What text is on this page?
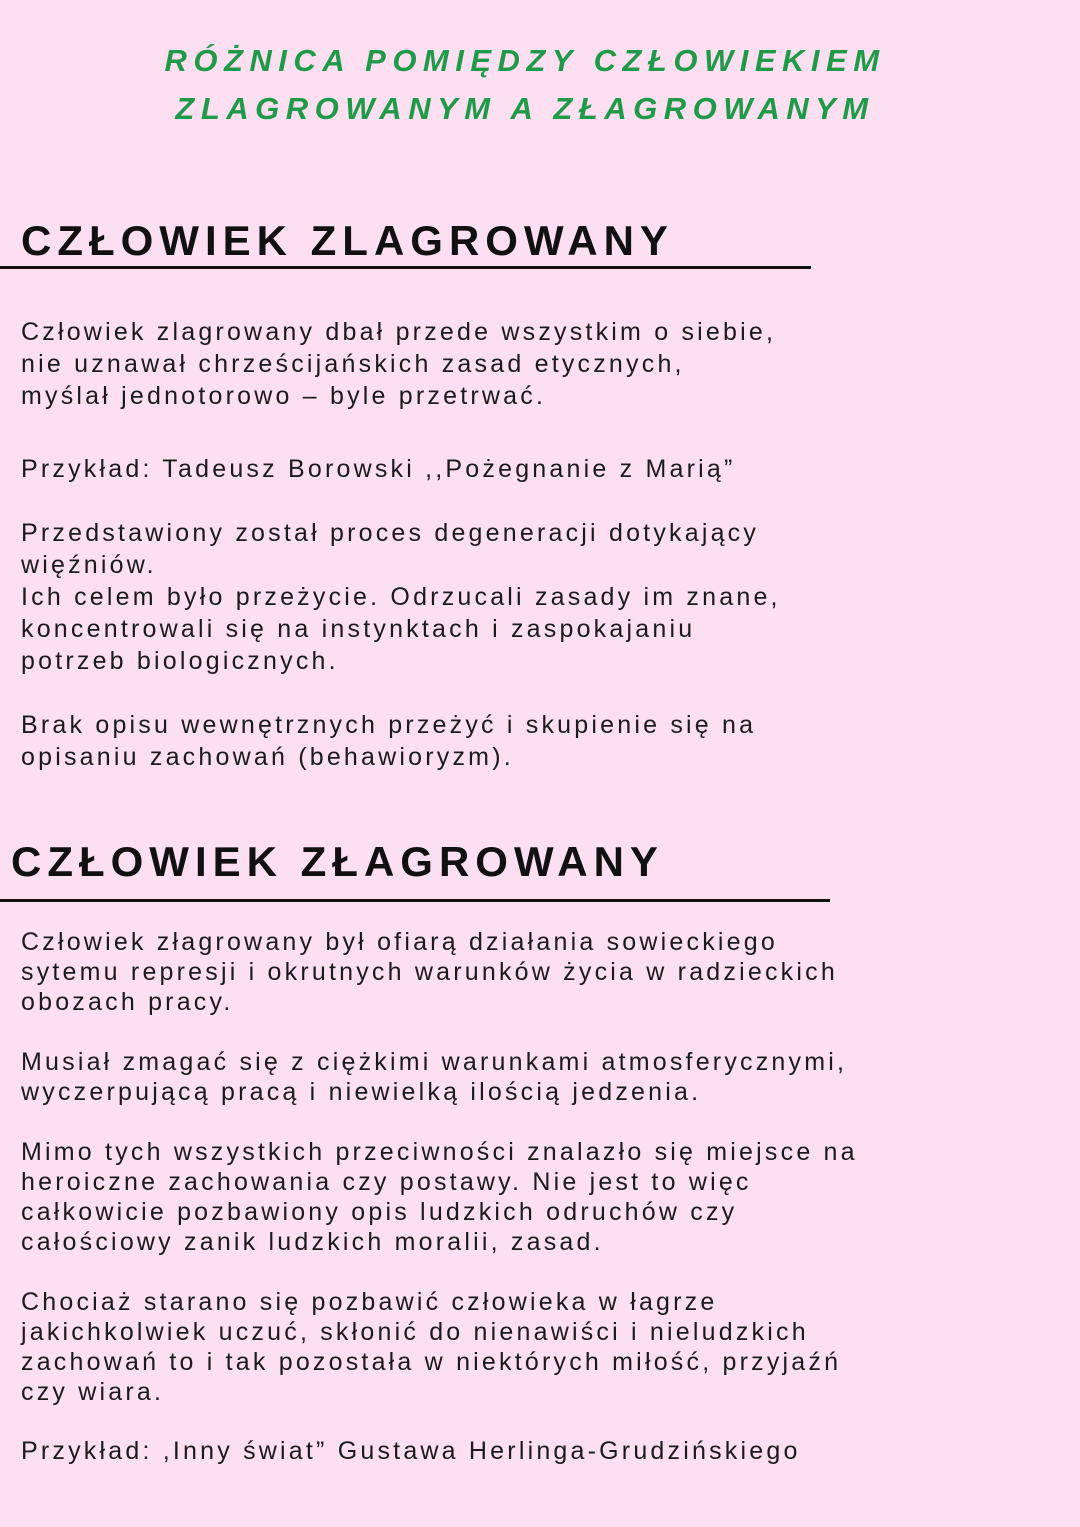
RÓŻNICA POMIĘDZY CZŁOWIEKIEM
ZLAGROWANYM A ZŁAGROWANYM
CZŁOWIEK ZLAGROWANY
Człowiek zlagrowany dbał przede wszystkim o siebie,
nie uznawał chrześcijańskich zasad etycznych,
myślał jednotorowo – byle przetrwać.
Przykład: Tadeusz Borowski ,,Pożegnanie z Marią”
Przedstawiony został proces degeneracji dotykający
więźniów.
Ich celem było przeżycie. Odrzucali zasady im znane,
koncentrowali się na instynktach i zaspokajaniu
potrzeb biologicznych.
Brak opisu wewnętrznych przeżyć i skupienie się na
opisaniu zachowań (behawioryzm).
CZŁOWIEK ZŁAGROWANY
Człowiek złagrowany był ofiarą działania sowieckiego
sytemu represji i okrutnych warunków życia w radzieckich
obozach pracy.
Musiał zmagać się z ciężkimi warunkami atmosferycznymi,
wyczerpującą pracą i niewielką ilością jedzenia.
Mimo tych wszystkich przeciwności znalazło się miejsce na
heroiczne zachowania czy postawy. Nie jest to więc
całkowicie pozbawiony opis ludzkich odruchów czy
całościowy zanik ludzkich moralii, zasad.
Chociaż starano się pozbawić człowieka w łagrze
jakichkolwiek uczuć, skłonić do nienawiści i nieludzkich
zachowań to i tak pozostała w niektórych miłość, przyjaźń
czy wiara.
Przykład: ,Inny świat” Gustawa Herlinga-Grudzińskiego
